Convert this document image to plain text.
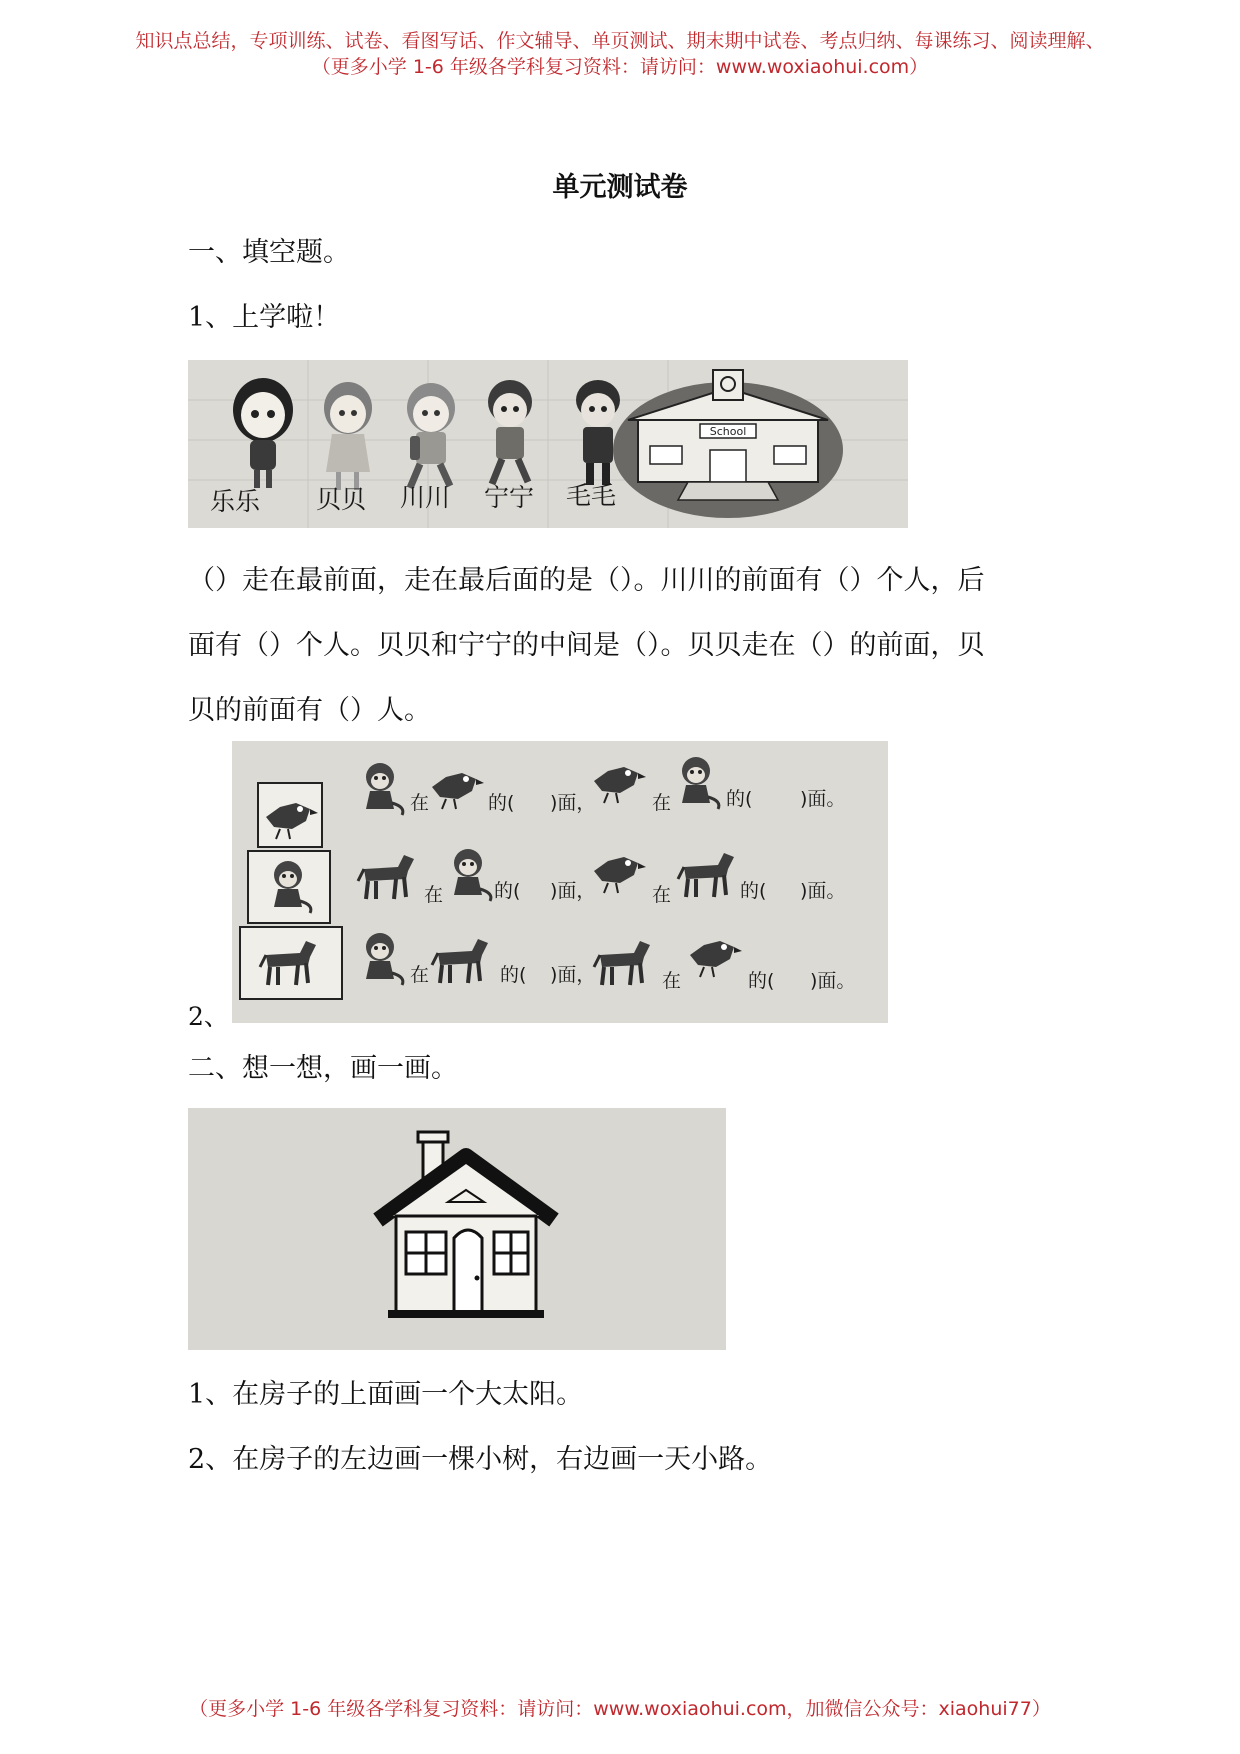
知识点总结，专项训练、试卷、看图写话、作文辅导、单页测试、期末期中试卷、考点归纳、每课练习、阅读理解、
（更多小学 1-6 年级各学科复习资料：请访问：www.woxiaohui.com）
单元测试卷
一、填空题。
1、上学啦！
School
乐乐 贝贝 川川 宁宁 毛毛
（）走在最前面，走在最后面的是（）。川川的前面有（）个人，后
面有（）个人。贝贝和宁宁的中间是（）。贝贝走在（）的前面，贝
贝的前面有（）人。
2、
在	的( )面，	在	的(	)面。
在	的( )面，	在	的( )面。
在	的( )面，	在	的( )面。
二、想一想，画一画。
1、在房子的上面画一个大太阳。
2、在房子的左边画一棵小树，右边画一天小路。
（更多小学 1-6 年级各学科复习资料：请访问：www.woxiaohui.com，加微信公众号：xiaohui77）
